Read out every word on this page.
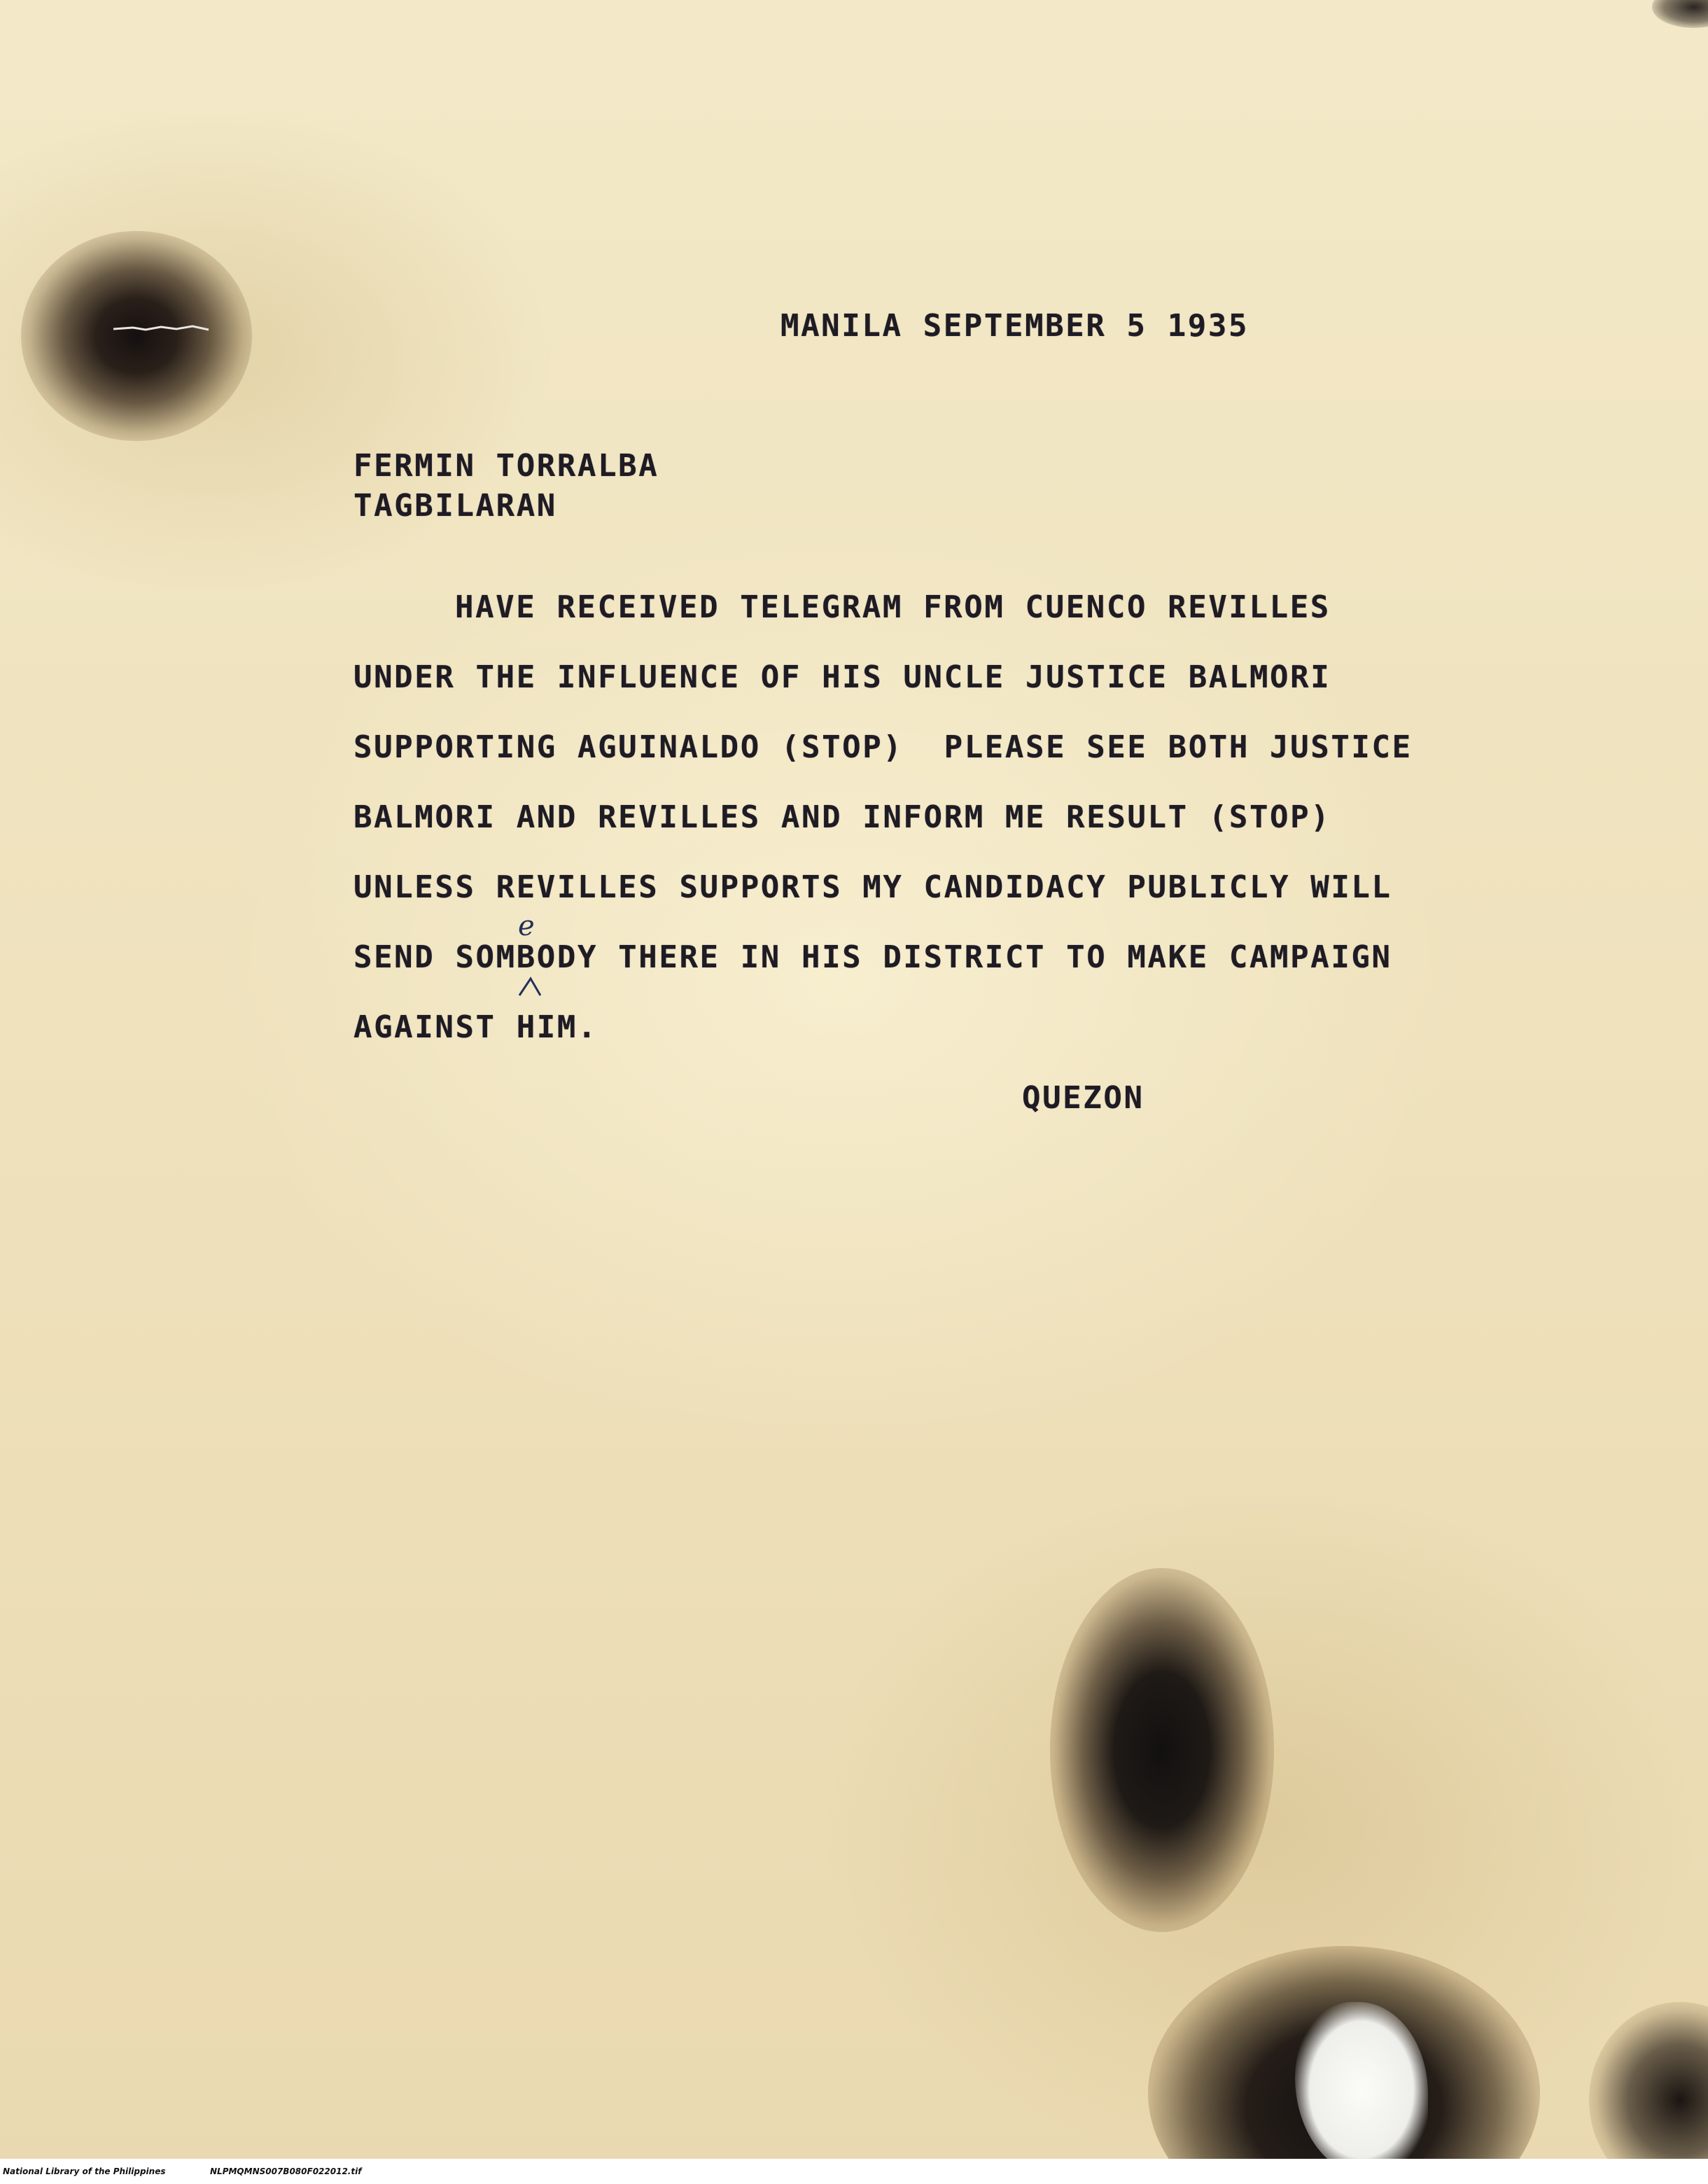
MANILA SEPTEMBER 5 1935
FERMIN TORRALBA
TAGBILARAN
HAVE RECEIVED TELEGRAM FROM CUENCO REVILLES
UNDER THE INFLUENCE OF HIS UNCLE JUSTICE BALMORI
SUPPORTING AGUINALDO (STOP)  PLEASE SEE BOTH JUSTICE
BALMORI AND REVILLES AND INFORM ME RESULT (STOP)
UNLESS REVILLES SUPPORTS MY CANDIDACY PUBLICLY WILL
SEND SOMBODY THERE IN HIS DISTRICT TO MAKE CAMPAIGN
AGAINST HIM.
e
QUEZON

National Library of the Philippines

	NLPMQMNS007B080F022012.tif
